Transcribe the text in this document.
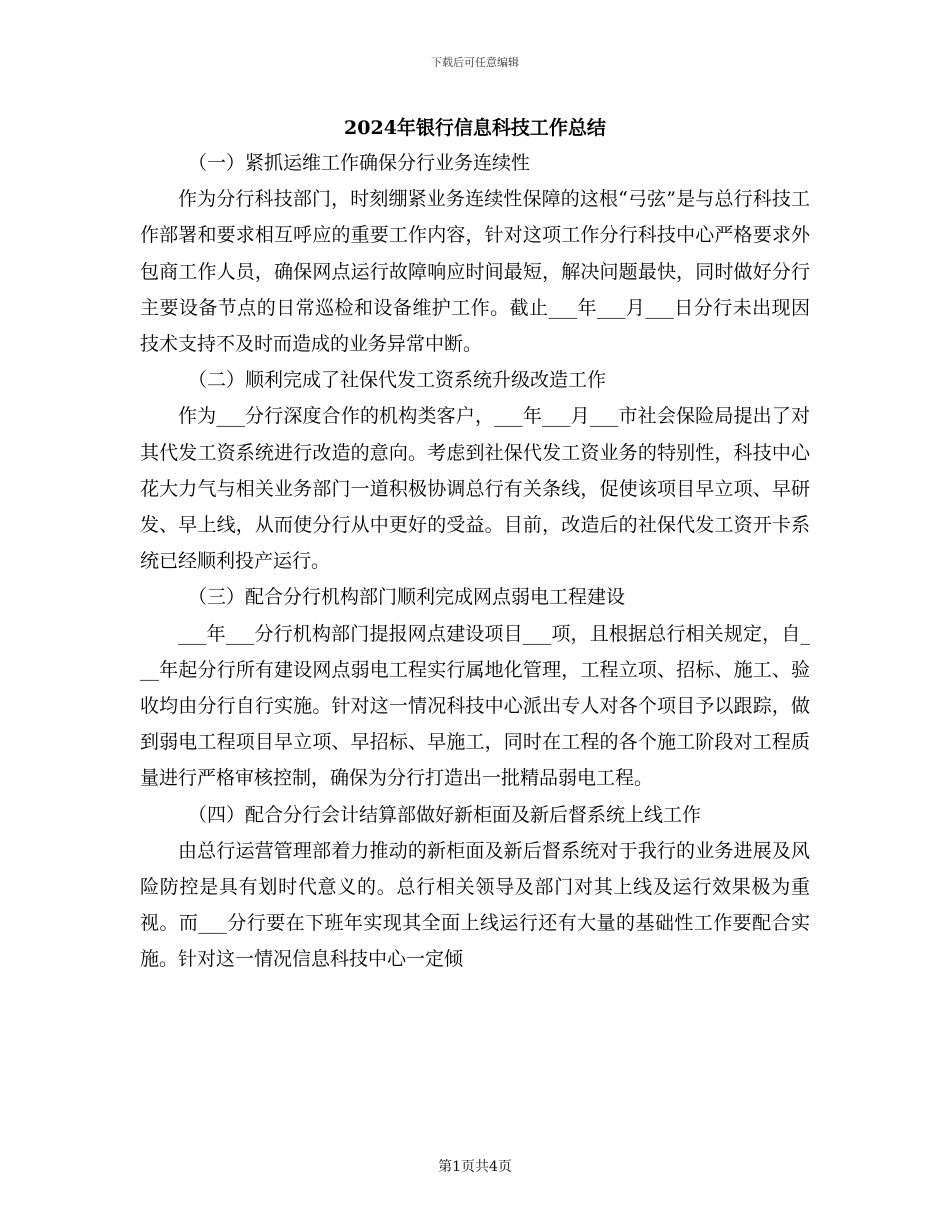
下载后可任意编辑
2024年银行信息科技工作总结

（一）紧抓运维工作确保分行业务连续性

作为分行科技部门，时刻绷紧业务连续性保障的这根“弓弦”是与总行科技工作部署和要求相互呼应的重要工作内容，针对这项工作分行科技中心严格要求外包商工作人员，确保网点运行故障响应时间最短，解决问题最快，同时做好分行主要设备节点的日常巡检和设备维护工作。截止___年___月___日分行未出现因技术支持不及时而造成的业务异常中断。

（二）顺利完成了社保代发工资系统升级改造工作

作为___分行深度合作的机构类客户，___年___月___市社会保险局提出了对其代发工资系统进行改造的意向。考虑到社保代发工资业务的特别性，科技中心花大力气与相关业务部门一道积极协调总行有关条线，促使该项目早立项、早研发、早上线，从而使分行从中更好的受益。目前，改造后的社保代发工资开卡系统已经顺利投产运行。

（三）配合分行机构部门顺利完成网点弱电工程建设

___年___分行机构部门提报网点建设项目___项，且根据总行相关规定，自___年起分行所有建设网点弱电工程实行属地化管理，工程立项、招标、施工、验收均由分行自行实施。针对这一情况科技中心派出专人对各个项目予以跟踪，做到弱电工程项目早立项、早招标、早施工，同时在工程的各个施工阶段对工程质量进行严格审核控制，确保为分行打造出一批精品弱电工程。

（四）配合分行会计结算部做好新柜面及新后督系统上线工作

由总行运营管理部着力推动的新柜面及新后督系统对于我行的业务进展及风险防控是具有划时代意义的。总行相关领导及部门对其上线及运行效果极为重视。而___分行要在下班年实现其全面上线运行还有大量的基础性工作要配合实施。针对这一情况信息科技中心一定倾

第1页共4页
